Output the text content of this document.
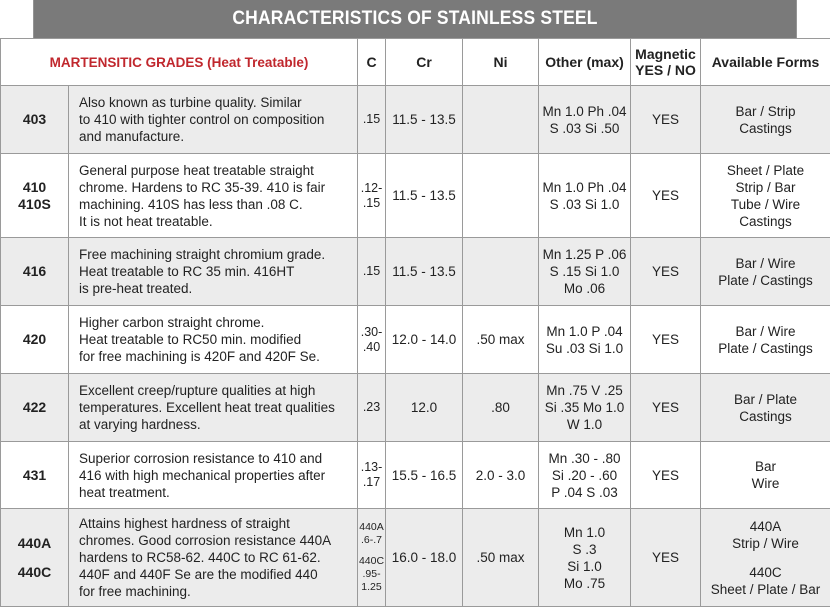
CHARACTERISTICS OF STAINLESS STEEL
MARTENSITIC GRADES (Heat Treatable)		C	Cr	Ni	Other (max)	Magnetic
YES / NO	Available Forms

403	Also known as turbine quality. Similar
to 410 with tighter control on composition
and manufacture.	.15	11.5 - 13.5		Mn 1.0 Ph .04
S .03 Si .50	YES	Bar / Strip
Castings

410
410S	General purpose heat treatable straight
chrome. Hardens to RC 35-39. 410 is fair
machining. 410S has less than .08 C.
It is not heat treatable.	.12-
.15	11.5 - 13.5		Mn 1.0 Ph .04
S .03 Si 1.0	YES	Sheet / Plate
Strip / Bar
Tube / Wire
Castings

416	Free machining straight chromium grade.
Heat treatable to RC 35 min. 416HT
is pre-heat treated.	.15	11.5 - 13.5		Mn 1.25 P .06
S .15 Si 1.0
Mo .06	YES	Bar / Wire
Plate / Castings

420	Higher carbon straight chrome.
Heat treatable to RC50 min. modified
for free machining is 420F and 420F Se.	.30-
.40	12.0 - 14.0	.50 max	Mn 1.0 P .04
Su .03 Si 1.0	YES	Bar / Wire
Plate / Castings

422	Excellent creep/rupture qualities at high
temperatures. Excellent heat treat qualities
at varying hardness.	.23	12.0	.80	Mn .75 V .25
Si .35 Mo 1.0
W 1.0	YES	Bar / Plate
Castings

431	Superior corrosion resistance to 410 and
416 with high mechanical properties after
heat treatment.	.13-
.17	15.5 - 16.5	2.0 - 3.0	Mn .30 - .80
Si .20 - .60
P .04 S .03	YES	Bar
Wire

440A
440C	Attains highest hardness of straight
chromes. Good corrosion resistance 440A
hardens to RC58-62. 440C to RC 61-62.
440F and 440F Se are the modified 440
for free machining.	440A
.6-.7
440C
.95-
1.25	16.0 - 18.0	.50 max	Mn 1.0
S .3
Si 1.0
Mo .75	YES	440A
Strip / Wire
440C
Sheet / Plate / Bar
